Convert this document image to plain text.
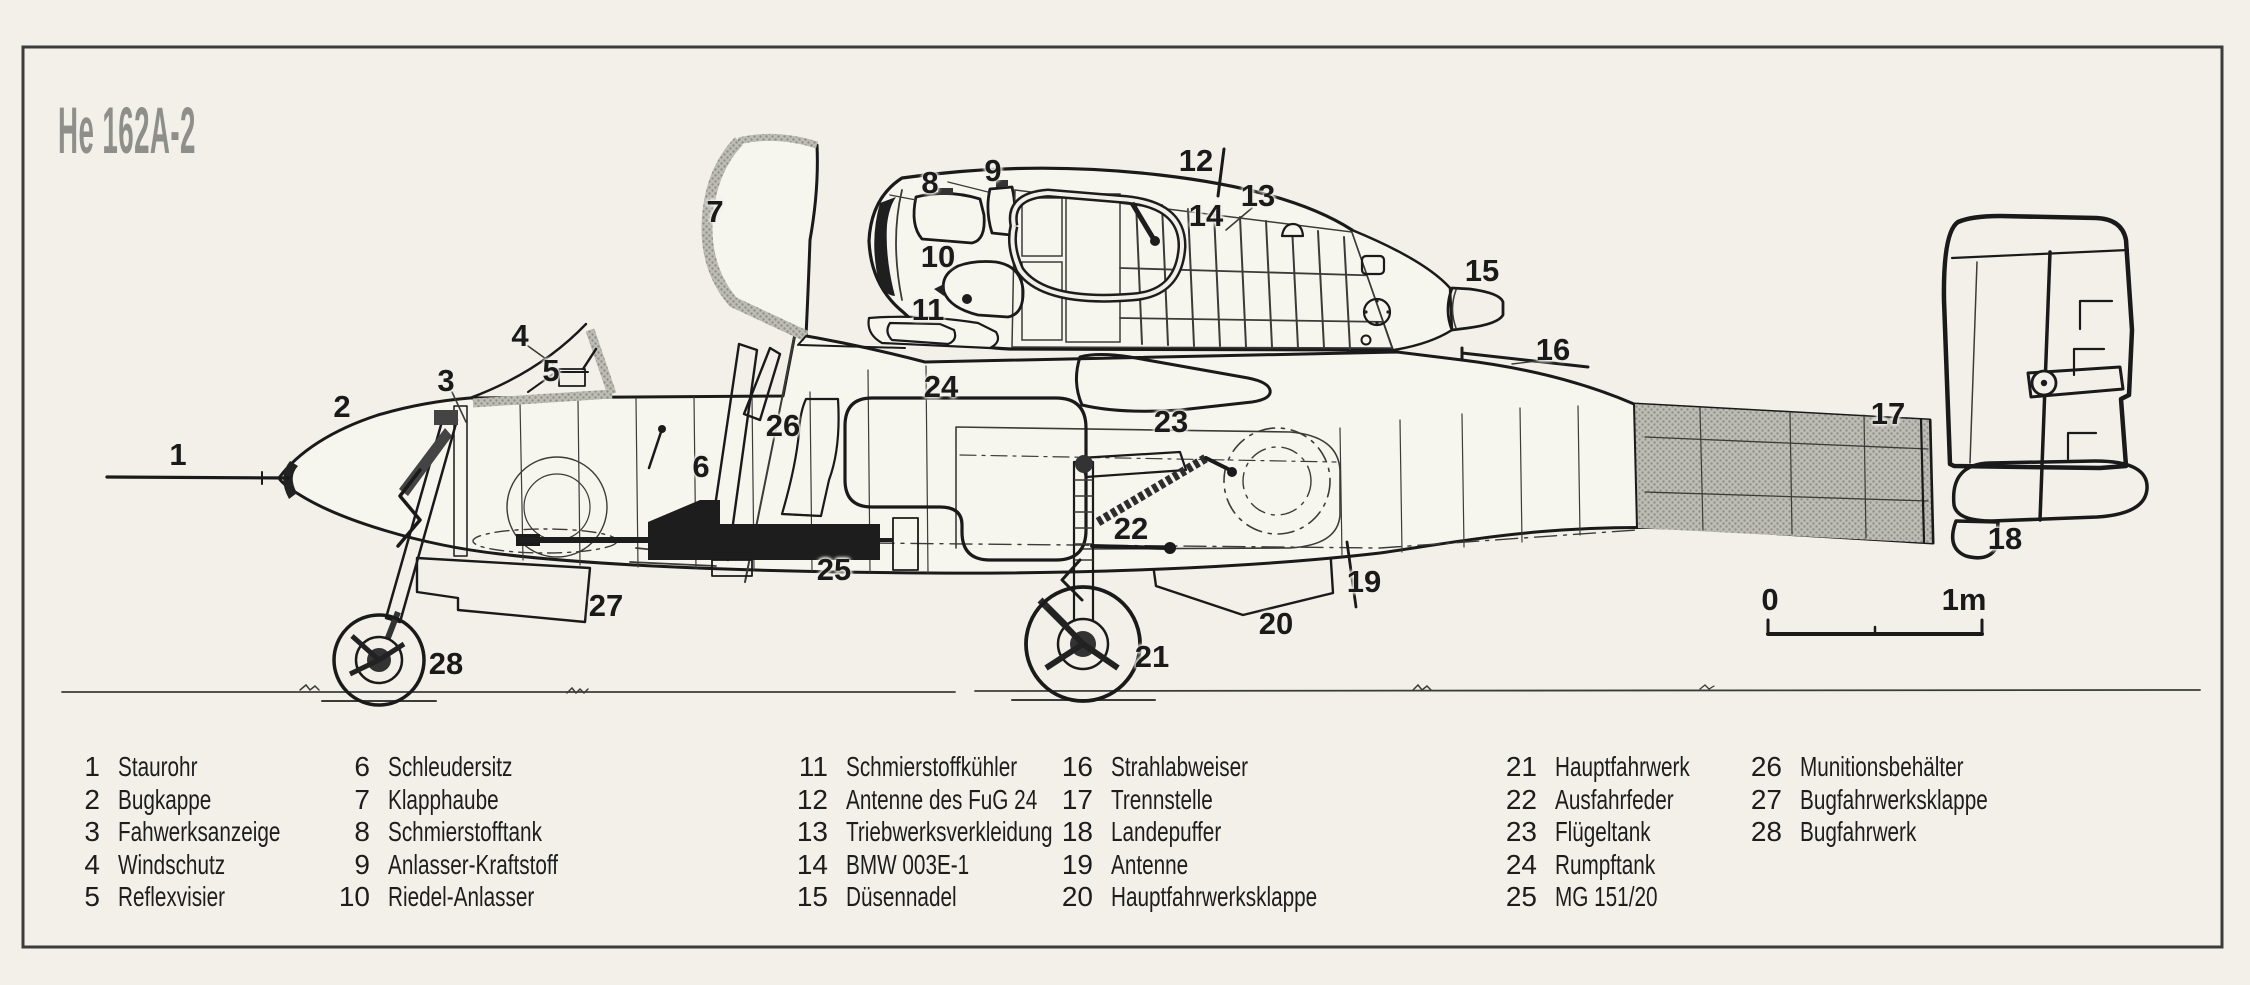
He 162A-2
0	1m
1
2
3
4
5
6
7
8 9
10
11
12
13
14
15
16
17
18
19
20
21
22
23
24
25
26
27
28
1 Staurohr
2 Bugkappe
3 Fahwerksanzeige
4 Windschutz
5 Reflexvisier
6 Schleudersitz
7 Klapphaube
8 Schmierstofftank
9 Anlasser-Kraftstoff
10 Riedel-Anlasser
11 Schmierstoffkühler
12 Antenne des FuG 24
13 Triebwerksverkleidung
14 BMW 003E-1
15 Düsennadel
16 Strahlabweiser
17 Trennstelle
18 Landepuffer
19 Antenne
20 Hauptfahrwerksklappe
21 Hauptfahrwerk
22 Ausfahrfeder
23 Flügeltank
24 Rumpftank
25 MG 151/20
26 Munitionsbehälter
27 Bugfahrwerksklappe
28 Bugfahrwerk
